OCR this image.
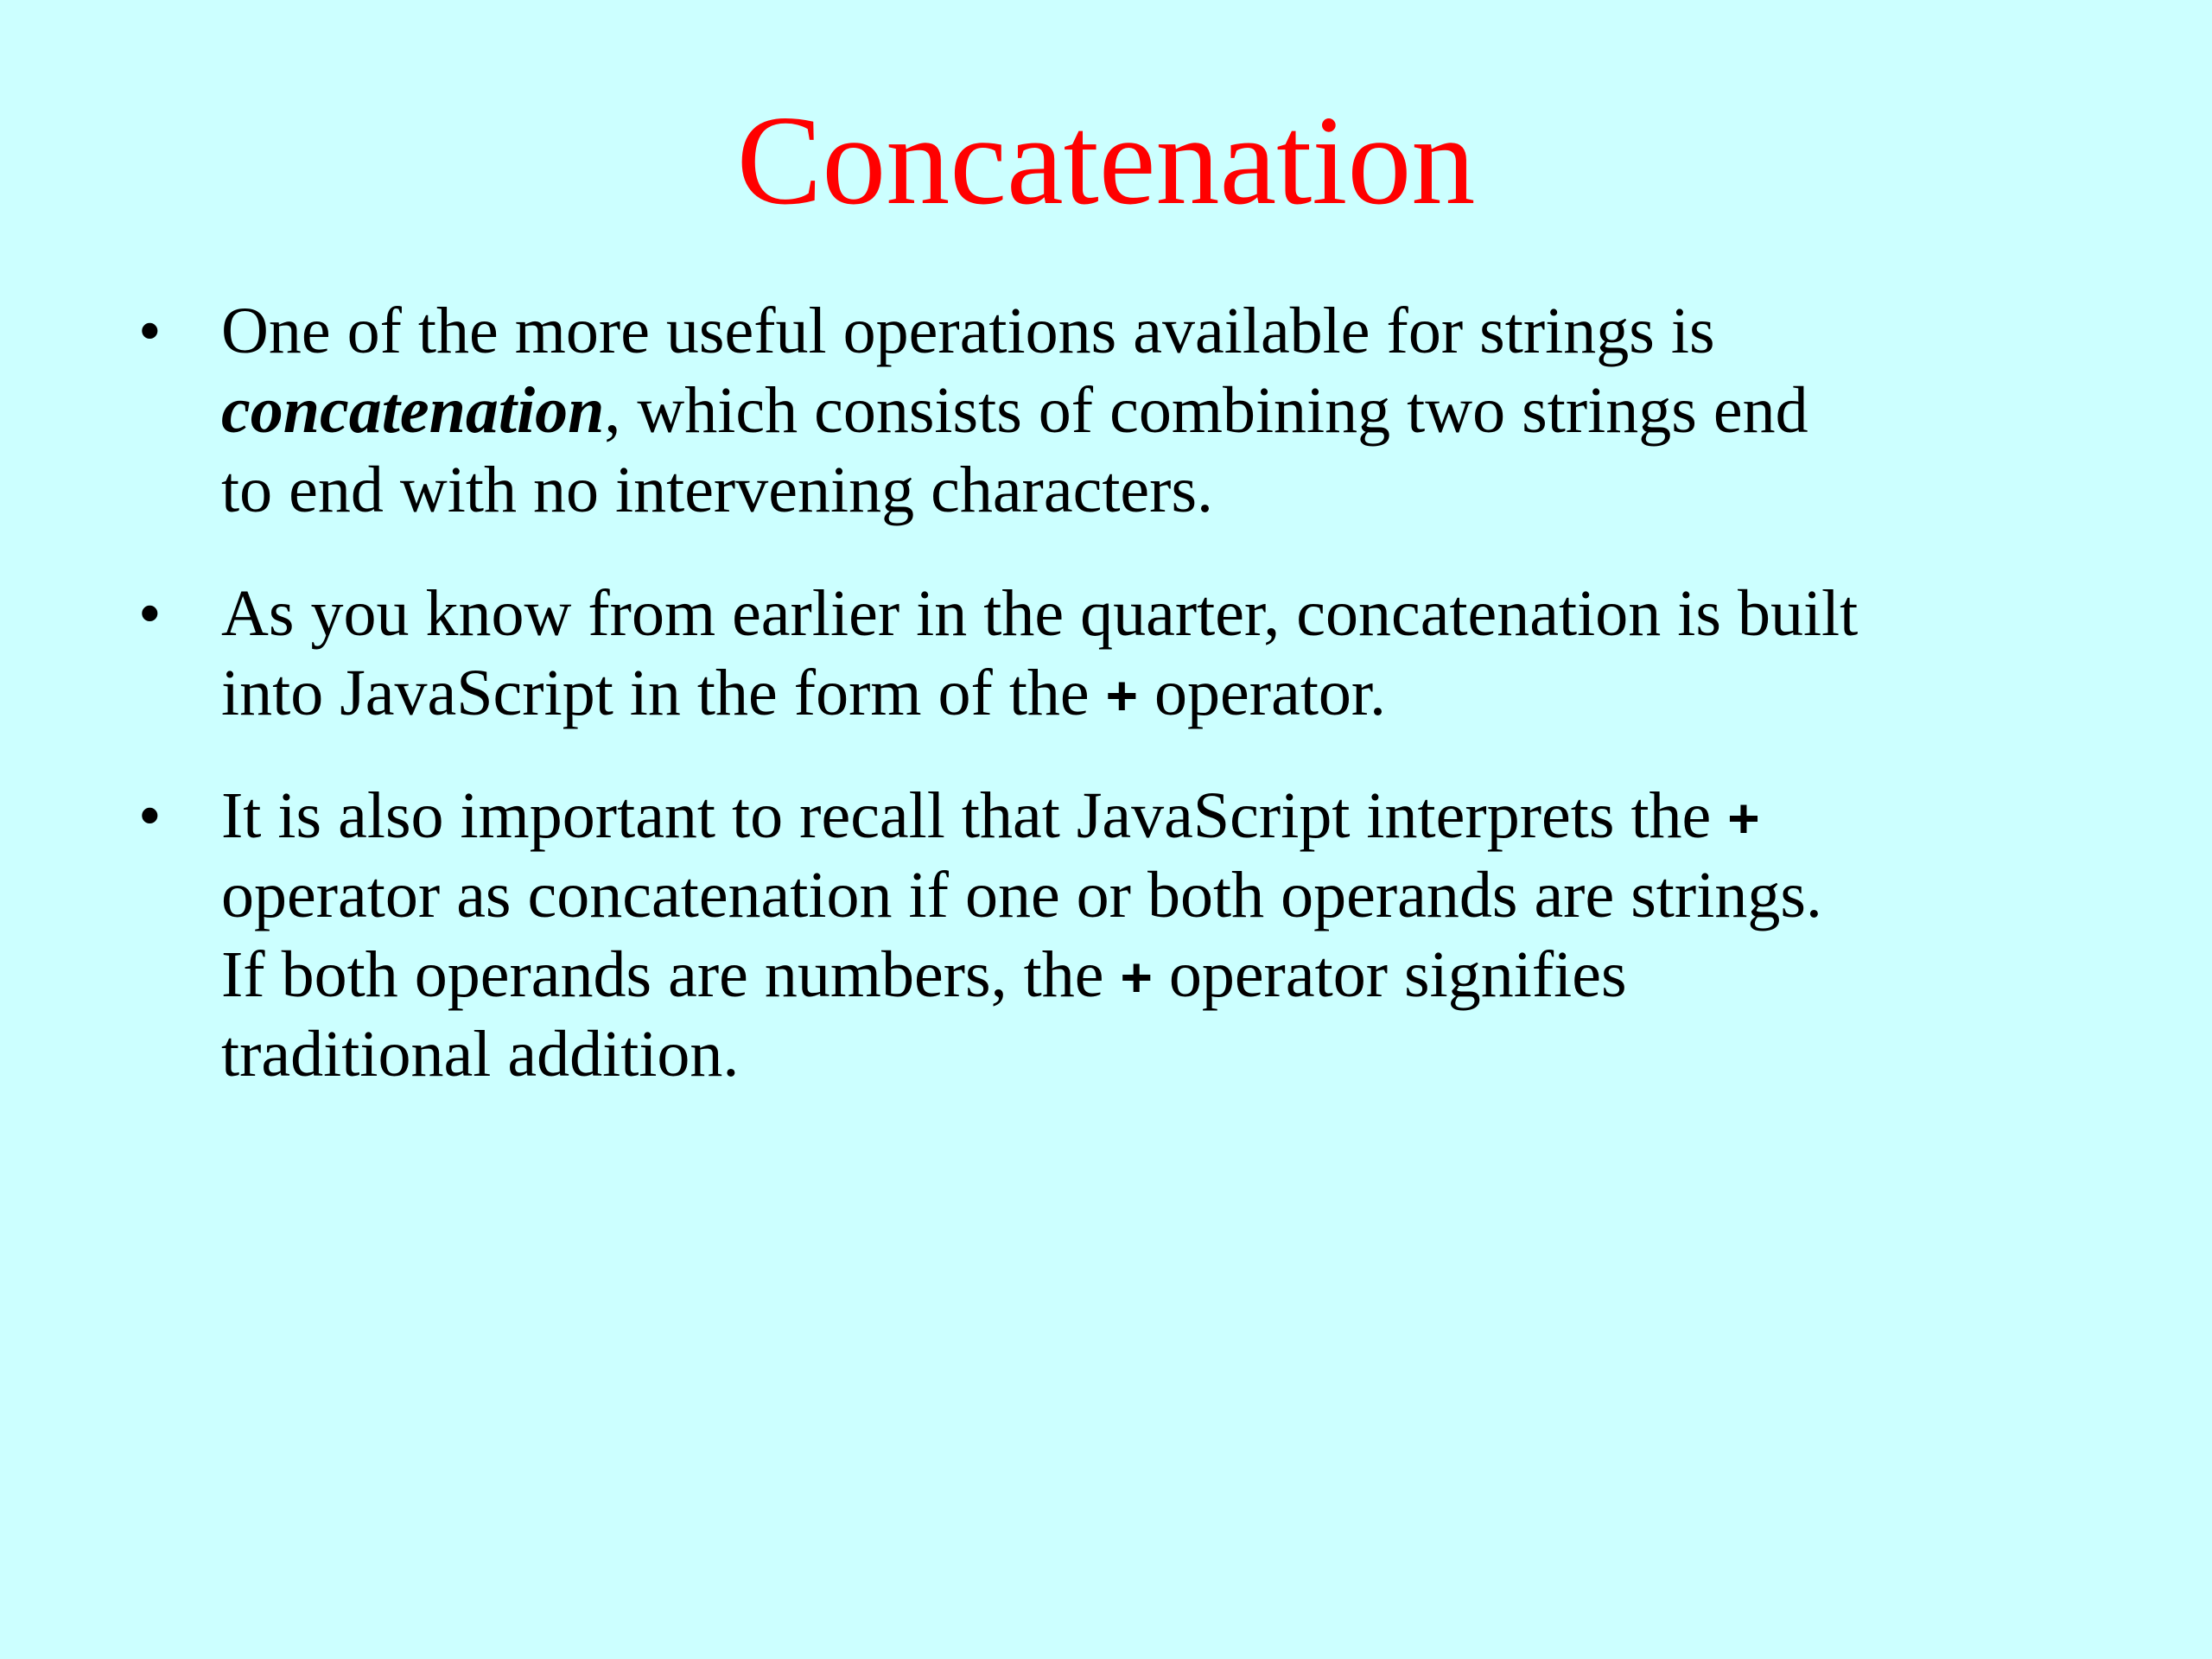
Concatenation
• One of the more useful operations available for strings is
concatenation, which consists of combining two strings end
to end with no intervening characters.
• As you know from earlier in the quarter, concatenation is built
into JavaScript in the form of the + operator.
• It is also important to recall that JavaScript interprets the +
operator as concatenation if one or both operands are strings.
If both operands are numbers, the + operator signifies
traditional addition.
